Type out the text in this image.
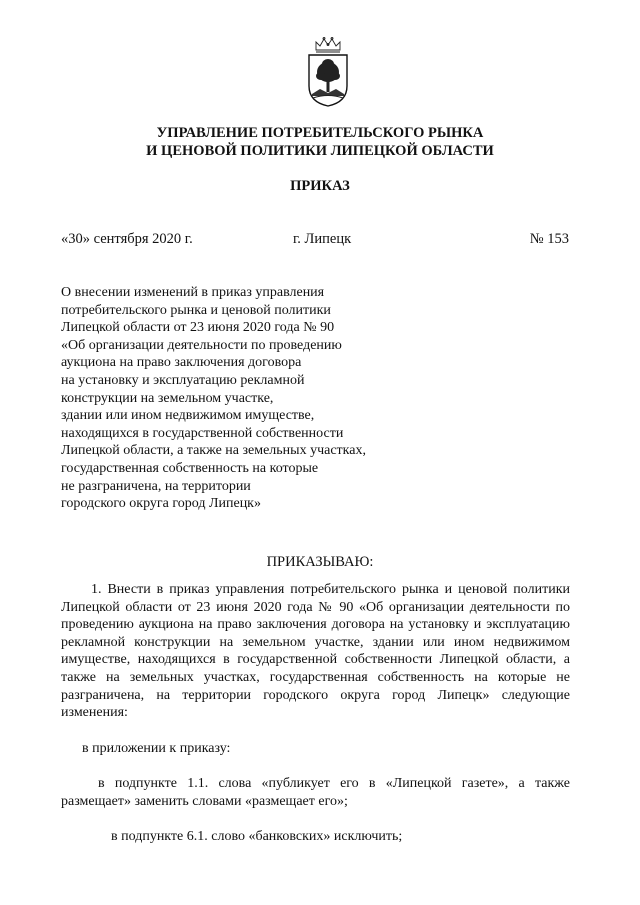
УПРАВЛЕНИЕ ПОТРЕБИТЕЛЬСКОГО РЫНКА
И ЦЕНОВОЙ ПОЛИТИКИ ЛИПЕЦКОЙ ОБЛАСТИ
ПРИКАЗ
«30» сентября 2020 г.	г. Липецк	№ 153
О внесении изменений в приказ управления
потребительского рынка и ценовой политики
Липецкой области от 23 июня 2020 года № 90
«Об организации деятельности по проведению
аукциона на право заключения договора
на установку и эксплуатацию рекламной
конструкции на земельном участке,
здании или ином недвижимом имуществе,
находящихся в государственной собственности
Липецкой области, а также на земельных участках,
государственная собственность на которые
не разграничена, на территории
городского округа город Липецк»
ПРИКАЗЫВАЮ:
1. Внести в приказ управления потребительского рынка и ценовой политики
Липецкой области от 23 июня 2020 года № 90 «Об организации деятельности по
проведению аукциона на право заключения договора на установку и эксплуатацию
рекламной конструкции на земельном участке, здании или ином недвижимом
имуществе, находящихся в государственной собственности Липецкой области, а
также на земельных участках, государственная собственность на которые не
разграничена, на территории городского округа город Липецк» следующие
изменения:
в приложении к приказу:
в подпункте 1.1. слова «публикует его в «Липецкой газете», а также
размещает» заменить словами «размещает его»;
в подпункте 6.1. слово «банковских» исключить;
